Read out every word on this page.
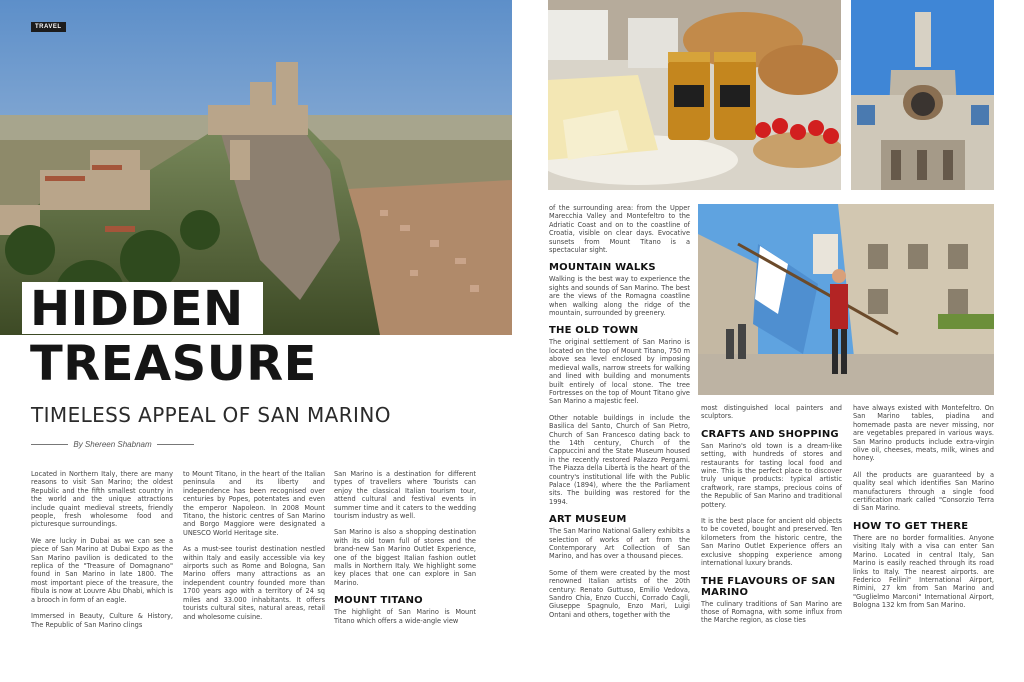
TRAVEL
HIDDEN
TREASURE
TIMELESS APPEAL OF SAN MARINO
By Shereen Shabnam

Located in Northern Italy, there are many reasons to visit San Marino; the oldest Republic and the fifth smallest country in the world and the unique attractions include quaint medieval streets, friendly people, fresh wholesome food and picturesque surroundings.

We are lucky in Dubai as we can see a piece of San Marino at Dubai Expo as the San Marino pavilion is dedicated to the replica of the "Treasure of Domagnano" found in San Marino in late 1800. The most important piece of the treasure, the fibula is now at Louvre Abu Dhabi, which is a brooch in form of an eagle.

Immersed in Beauty, Culture & History, The Republic of San Marino clings

to Mount Titano, in the heart of the Italian peninsula and its liberty and independence has been recognised over centuries by Popes, potentates and even the emperor Napoleon. In 2008 Mount Titano, the historic centres of San Marino and Borgo Maggiore were designated a UNESCO World Heritage site.

As a must-see tourist destination nestled within Italy and easily accessible via key airports such as Rome and Bologna, San Marino offers many attractions as an independent country founded more than 1700 years ago with a territory of 24 sq miles and 33.000 inhabitants. It offers tourists cultural sites, natural areas, retail and wholesome cuisine.

San Marino is a destination for different types of travellers where Tourists can enjoy the classical Italian tourism tour, attend cultural and festival events in summer time and it caters to the wedding tourism industry as well.

San Marino is also a shopping destination with its old town full of stores and the brand-new San Marino Outlet Experience, one of the biggest Italian fashion outlet malls in Northern Italy. We highlight some key places that one can explore in San Marino.

MOUNT TITANO

The highlight of San Marino is Mount Titano which offers a wide-angle view

of the surrounding area: from the Upper Marecchia Valley and Montefeltro to the Adriatic Coast and on to the coastline of Croatia, visible on clear days. Evocative sunsets from Mount Titano is a spectacular sight.

MOUNTAIN WALKS

Walking is the best way to experience the sights and sounds of San Marino. The best are the views of the Romagna coastline when walking along the ridge of the mountain, surrounded by greenery.

THE OLD TOWN

The original settlement of San Marino is located on the top of Mount Titano, 750 m above sea level enclosed by imposing medieval walls, narrow streets for walking and lined with building and monuments built entirely of local stone. The tree Fortresses on the top of Mount Titano give San Marino a majestic feel.

Other notable buildings in include the Basilica del Santo, Church of San Pietro, Church of San Francesco dating back to the 14th century, Church of the Cappuccini and the State Museum housed in the recently restored Palazzo Pergami. The Piazza della Libertà is the heart of the country's institutional life with the Public Palace (1894), where the the Parliament sits. The building was restored for the 1994.

ART MUSEUM

The San Marino National Gallery exhibits a selection of works of art from the Contemporary Art Collection of San Marino, and has over a thousand pieces.

Some of them were created by the most renowned Italian artists of the 20th century: Renato Guttuso, Emilio Vedova, Sandro Chia, Enzo Cucchi, Corrado Cagli, Giuseppe Spagnulo, Enzo Mari, Luigi Ontani and others, together with the

most distinguished local painters and sculptors.

CRAFTS AND SHOPPING

San Marino's old town is a dream-like setting, with hundreds of stores and restaurants for tasting local food and wine. This is the perfect place to discover truly unique products: typical artistic craftwork, rare stamps, precious coins of the Republic of San Marino and traditional pottery.

It is the best place for ancient old objects to be coveted, bought and preserved. Ten kilometers from the historic centre, the San Marino Outlet Experience offers an exclusive shopping experience among international luxury brands.

THE FLAVOURS OF SAN MARINO

The culinary traditions of San Marino are those of Romagna, with some influx from the Marche region, as close ties

have always existed with Montefeltro. On San Marino tables, piadina and homemade pasta are never missing, nor are vegetables prepared in various ways. San Marino products include extra-virgin olive oil, cheeses, meats, milk, wines and honey.

All the products are guaranteed by a quality seal which identifies San Marino manufacturers through a single food certification mark called "Consorzio Terra di San Marino.

HOW TO GET THERE

There are no border formalities. Anyone visiting Italy with a visa can enter San Marino. Located in central Italy, San Marino is easily reached through its road links to Italy. The nearest airports. are Federico Fellini" International Airport, Rimini, 27 km from San Marino and "Guglielmo Marconi" International Airport, Bologna 132 km from San Marino.
